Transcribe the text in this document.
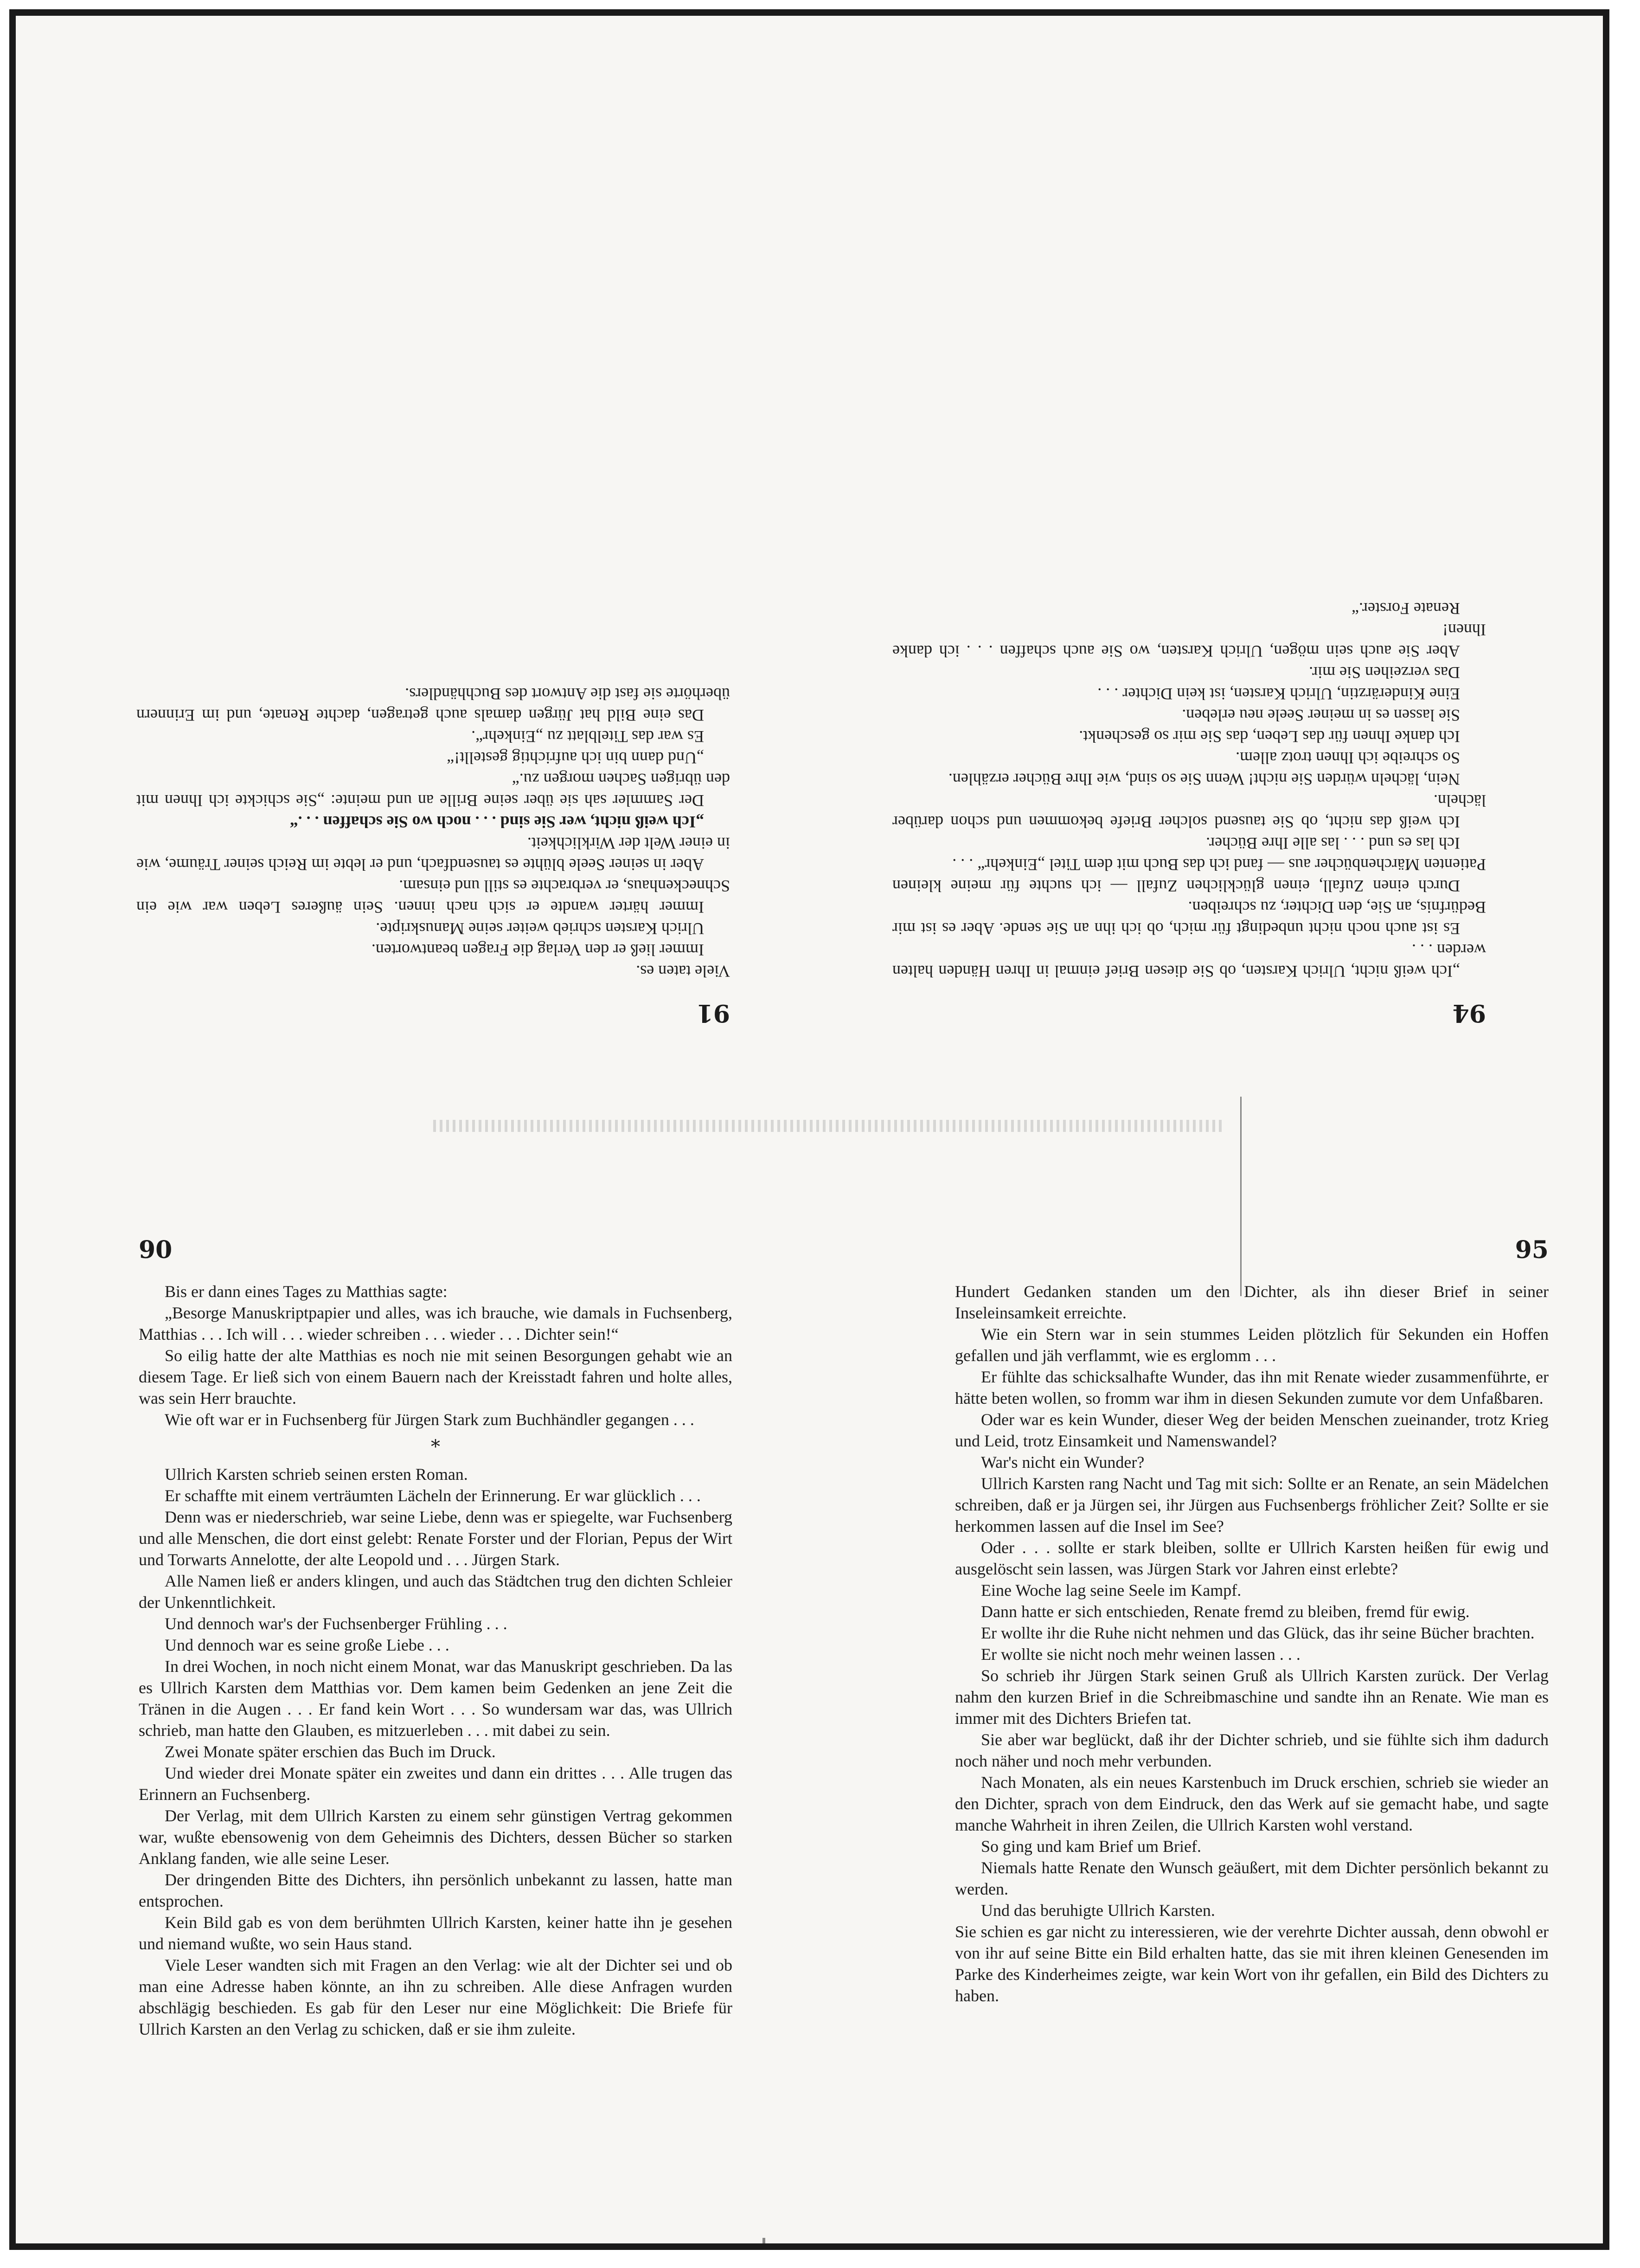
91

Viele taten es.

Immer ließ er den Verlag die Fragen beantworten.

Ulrich Karsten schrieb weiter seine Manuskripte.

Immer härter wandte er sich nach innen. Sein äußeres Leben war wie ein Schneckenhaus, er verbrachte es still und einsam.

Aber in seiner Seele blühte es tausendfach, und er lebte im Reich seiner Träume, wie in einer Welt der Wirklichkeit.

„Ich weiß nicht, wer Sie sind . . . noch wo Sie schaffen . . .“

Der Sammler sah sie über seine Brille an und meinte: „Sie schickte ich Ihnen mit den übrigen Sachen morgen zu.“

„Und dann bin ich aufrichtig gestellt!“

Es war das Titelblatt zu „Einkehr“.

Das eine Bild hat Jürgen damals auch getragen, dachte Renate, und im Erinnern überhörte sie fast die Antwort des Buchhändlers.

94

„Ich weiß nicht, Ulrich Karsten, ob Sie diesen Brief einmal in Ihren Händen halten werden . . .

Es ist auch noch nicht unbedingt für mich, ob ich ihn an Sie sende. Aber es ist mir Bedürfnis, an Sie, den Dichter, zu schreiben.

Durch einen Zufall, einen glücklichen Zufall — ich suchte für meine kleinen Patienten Märchenbücher aus — fand ich das Buch mit dem Titel „Einkehr“ . . .

Ich las es und . . . las alle Ihre Bücher.

Ich weiß das nicht, ob Sie tausend solcher Briefe bekommen und schon darüber lächeln.

Nein, lächeln würden Sie nicht! Wenn Sie so sind, wie Ihre Bücher erzählen.

So schreibe ich Ihnen trotz allem.

Ich danke Ihnen für das Leben, das Sie mir so geschenkt.

Sie lassen es in meiner Seele neu erleben.

Eine Kinderärztin, Ulrich Karsten, ist kein Dichter . . .

Das verzeihen Sie mir.

Aber Sie auch sein mögen, Ulrich Karsten, wo Sie auch schaffen . . . ich danke Ihnen!

Renate Forster.“

90

Bis er dann eines Tages zu Matthias sagte:

„Besorge Manuskriptpapier und alles, was ich brauche, wie damals in Fuchsenberg, Matthias . . . Ich will . . . wieder schreiben . . . wieder . . . Dichter sein!“

So eilig hatte der alte Matthias es noch nie mit seinen Besorgungen gehabt wie an diesem Tage. Er ließ sich von einem Bauern nach der Kreisstadt fahren und holte alles, was sein Herr brauchte.

Wie oft war er in Fuchsenberg für Jürgen Stark zum Buchhändler gegangen . . .

*

Ullrich Karsten schrieb seinen ersten Roman.

Er schaffte mit einem verträumten Lächeln der Erinnerung. Er war glücklich . . .

Denn was er niederschrieb, war seine Liebe, denn was er spiegelte, war Fuchsenberg und alle Menschen, die dort einst gelebt: Renate Forster und der Florian, Pepus der Wirt und Torwarts Annelotte, der alte Leopold und . . . Jürgen Stark.

Alle Namen ließ er anders klingen, und auch das Städtchen trug den dichten Schleier der Unkenntlichkeit.

Und dennoch war's der Fuchsenberger Frühling . . .

Und dennoch war es seine große Liebe . . .

In drei Wochen, in noch nicht einem Monat, war das Manuskript geschrieben. Da las es Ullrich Karsten dem Matthias vor. Dem kamen beim Gedenken an jene Zeit die Tränen in die Augen . . . Er fand kein Wort . . . So wundersam war das, was Ullrich schrieb, man hatte den Glauben, es mitzuerleben . . . mit dabei zu sein.

Zwei Monate später erschien das Buch im Druck.

Und wieder drei Monate später ein zweites und dann ein drittes . . . Alle trugen das Erinnern an Fuchsenberg.

Der Verlag, mit dem Ullrich Karsten zu einem sehr günstigen Vertrag gekommen war, wußte ebensowenig von dem Geheimnis des Dichters, dessen Bücher so starken Anklang fanden, wie alle seine Leser.

Der dringenden Bitte des Dichters, ihn persönlich unbekannt zu lassen, hatte man entsprochen.

Kein Bild gab es von dem berühmten Ullrich Karsten, keiner hatte ihn je gesehen und niemand wußte, wo sein Haus stand.

Viele Leser wandten sich mit Fragen an den Verlag: wie alt der Dichter sei und ob man eine Adresse haben könnte, an ihn zu schreiben. Alle diese Anfragen wurden abschlägig beschieden. Es gab für den Leser nur eine Möglichkeit: Die Briefe für Ullrich Karsten an den Verlag zu schicken, daß er sie ihm zuleite.

95

Hundert Gedanken standen um den Dichter, als ihn dieser Brief in seiner Inseleinsamkeit erreichte.

Wie ein Stern war in sein stummes Leiden plötzlich für Sekunden ein Hoffen gefallen und jäh verflammt, wie es erglomm . . .

Er fühlte das schicksalhafte Wunder, das ihn mit Renate wieder zusammenführte, er hätte beten wollen, so fromm war ihm in diesen Sekunden zumute vor dem Unfaßbaren.

Oder war es kein Wunder, dieser Weg der beiden Menschen zueinander, trotz Krieg und Leid, trotz Einsamkeit und Namenswandel?

War's nicht ein Wunder?

Ullrich Karsten rang Nacht und Tag mit sich: Sollte er an Renate, an sein Mädelchen schreiben, daß er ja Jürgen sei, ihr Jürgen aus Fuchsenbergs fröhlicher Zeit? Sollte er sie herkommen lassen auf die Insel im See?

Oder . . . sollte er stark bleiben, sollte er Ullrich Karsten heißen für ewig und ausgelöscht sein lassen, was Jürgen Stark vor Jahren einst erlebte?

Eine Woche lag seine Seele im Kampf.

Dann hatte er sich entschieden, Renate fremd zu bleiben, fremd für ewig.

Er wollte ihr die Ruhe nicht nehmen und das Glück, das ihr seine Bücher brachten.

Er wollte sie nicht noch mehr weinen lassen . . .

So schrieb ihr Jürgen Stark seinen Gruß als Ullrich Karsten zurück. Der Verlag nahm den kurzen Brief in die Schreibmaschine und sandte ihn an Renate. Wie man es immer mit des Dichters Briefen tat.

Sie aber war beglückt, daß ihr der Dichter schrieb, und sie fühlte sich ihm dadurch noch näher und noch mehr verbunden.

Nach Monaten, als ein neues Karstenbuch im Druck erschien, schrieb sie wieder an den Dichter, sprach von dem Eindruck, den das Werk auf sie gemacht habe, und sagte manche Wahrheit in ihren Zeilen, die Ullrich Karsten wohl verstand.

So ging und kam Brief um Brief.

Niemals hatte Renate den Wunsch geäußert, mit dem Dichter persönlich bekannt zu werden.

Und das beruhigte Ullrich Karsten.

Sie schien es gar nicht zu interessieren, wie der verehrte Dichter aussah, denn obwohl er von ihr auf seine Bitte ein Bild erhalten hatte, das sie mit ihren kleinen Genesenden im Parke des Kinderheimes zeigte, war kein Wort von ihr gefallen, ein Bild des Dichters zu haben.
